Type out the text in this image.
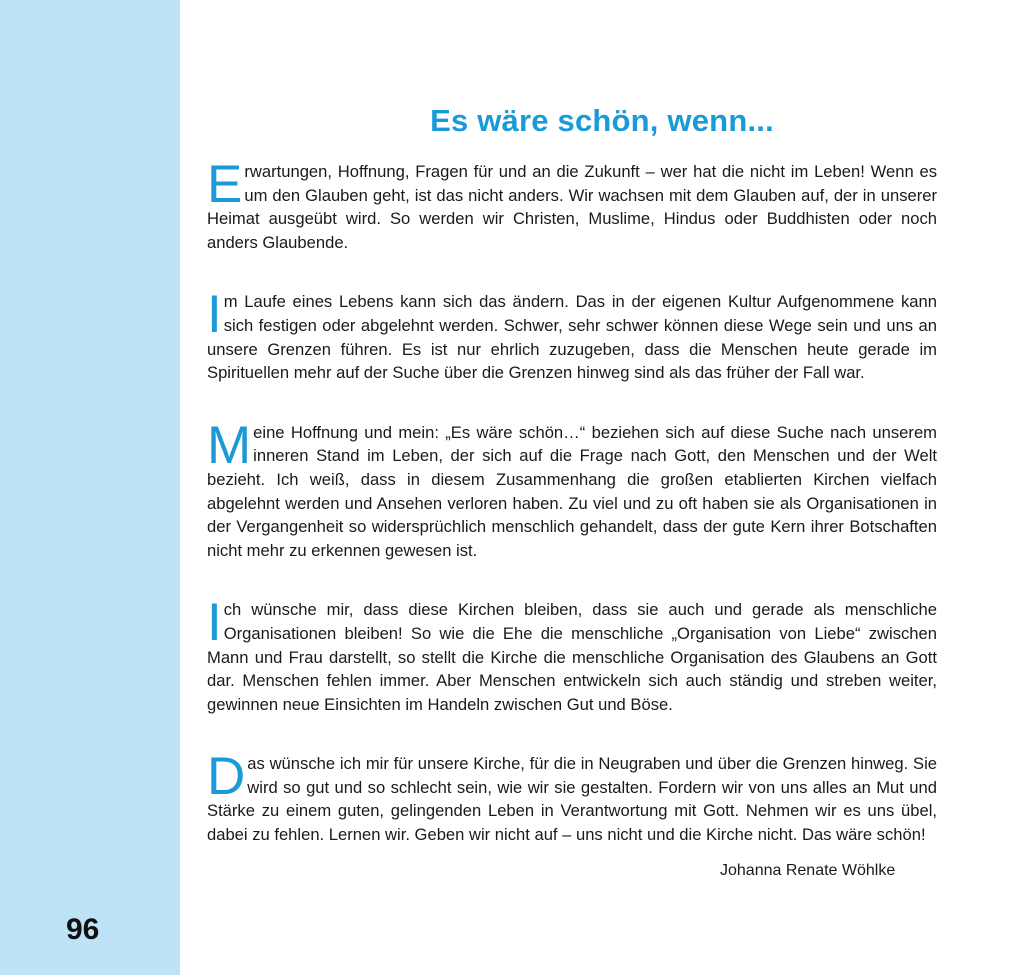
96
Es wäre schön, wenn...

Erwartungen, Hoffnung, Fragen für und an die Zukunft – wer hat die nicht im Leben! Wenn es um den Glauben geht, ist das nicht anders. Wir wachsen mit dem Glauben auf, der in unserer Heimat ausgeübt wird. So werden wir Christen, Muslime, Hindus oder Buddhisten oder noch anders Glaubende.

Im Laufe eines Lebens kann sich das ändern. Das in der eigenen Kultur Aufgenommene kann sich festigen oder abgelehnt werden. Schwer, sehr schwer können diese Wege sein und uns an unsere Grenzen führen. Es ist nur ehrlich zuzugeben, dass die Menschen heute gerade im Spirituellen mehr auf der Suche über die Grenzen hinweg sind als das früher der Fall war.

Meine Hoffnung und mein: „Es wäre schön…“ beziehen sich auf diese Suche nach unserem inneren Stand im Leben, der sich auf die Frage nach Gott, den Menschen und der Welt bezieht. Ich weiß, dass in diesem Zusammenhang die großen etablierten Kirchen vielfach abgelehnt werden und Ansehen verloren haben. Zu viel und zu oft haben sie als Organisationen in der Vergangenheit so widersprüchlich menschlich gehandelt, dass der gute Kern ihrer Botschaften nicht mehr zu erkennen gewesen ist.

Ich wünsche mir, dass diese Kirchen bleiben, dass sie auch und gerade als menschliche Organisationen bleiben! So wie die Ehe die menschliche „Organisation von Liebe“ zwischen Mann und Frau darstellt, so stellt die Kirche die menschliche Organisation des Glaubens an Gott dar. Menschen fehlen immer. Aber Menschen entwickeln sich auch ständig und streben weiter, gewinnen neue Einsichten im Handeln zwischen Gut und Böse.

Das wünsche ich mir für unsere Kirche, für die in Neugraben und über die Grenzen hinweg. Sie wird so gut und so schlecht sein, wie wir sie gestalten. Fordern wir von uns alles an Mut und Stärke zu einem guten, gelingenden Leben in Verantwortung mit Gott. Nehmen wir es uns übel, dabei zu fehlen. Lernen wir. Geben wir nicht auf – uns nicht und die Kirche nicht. Das wäre schön!

Johanna Renate Wöhlke
